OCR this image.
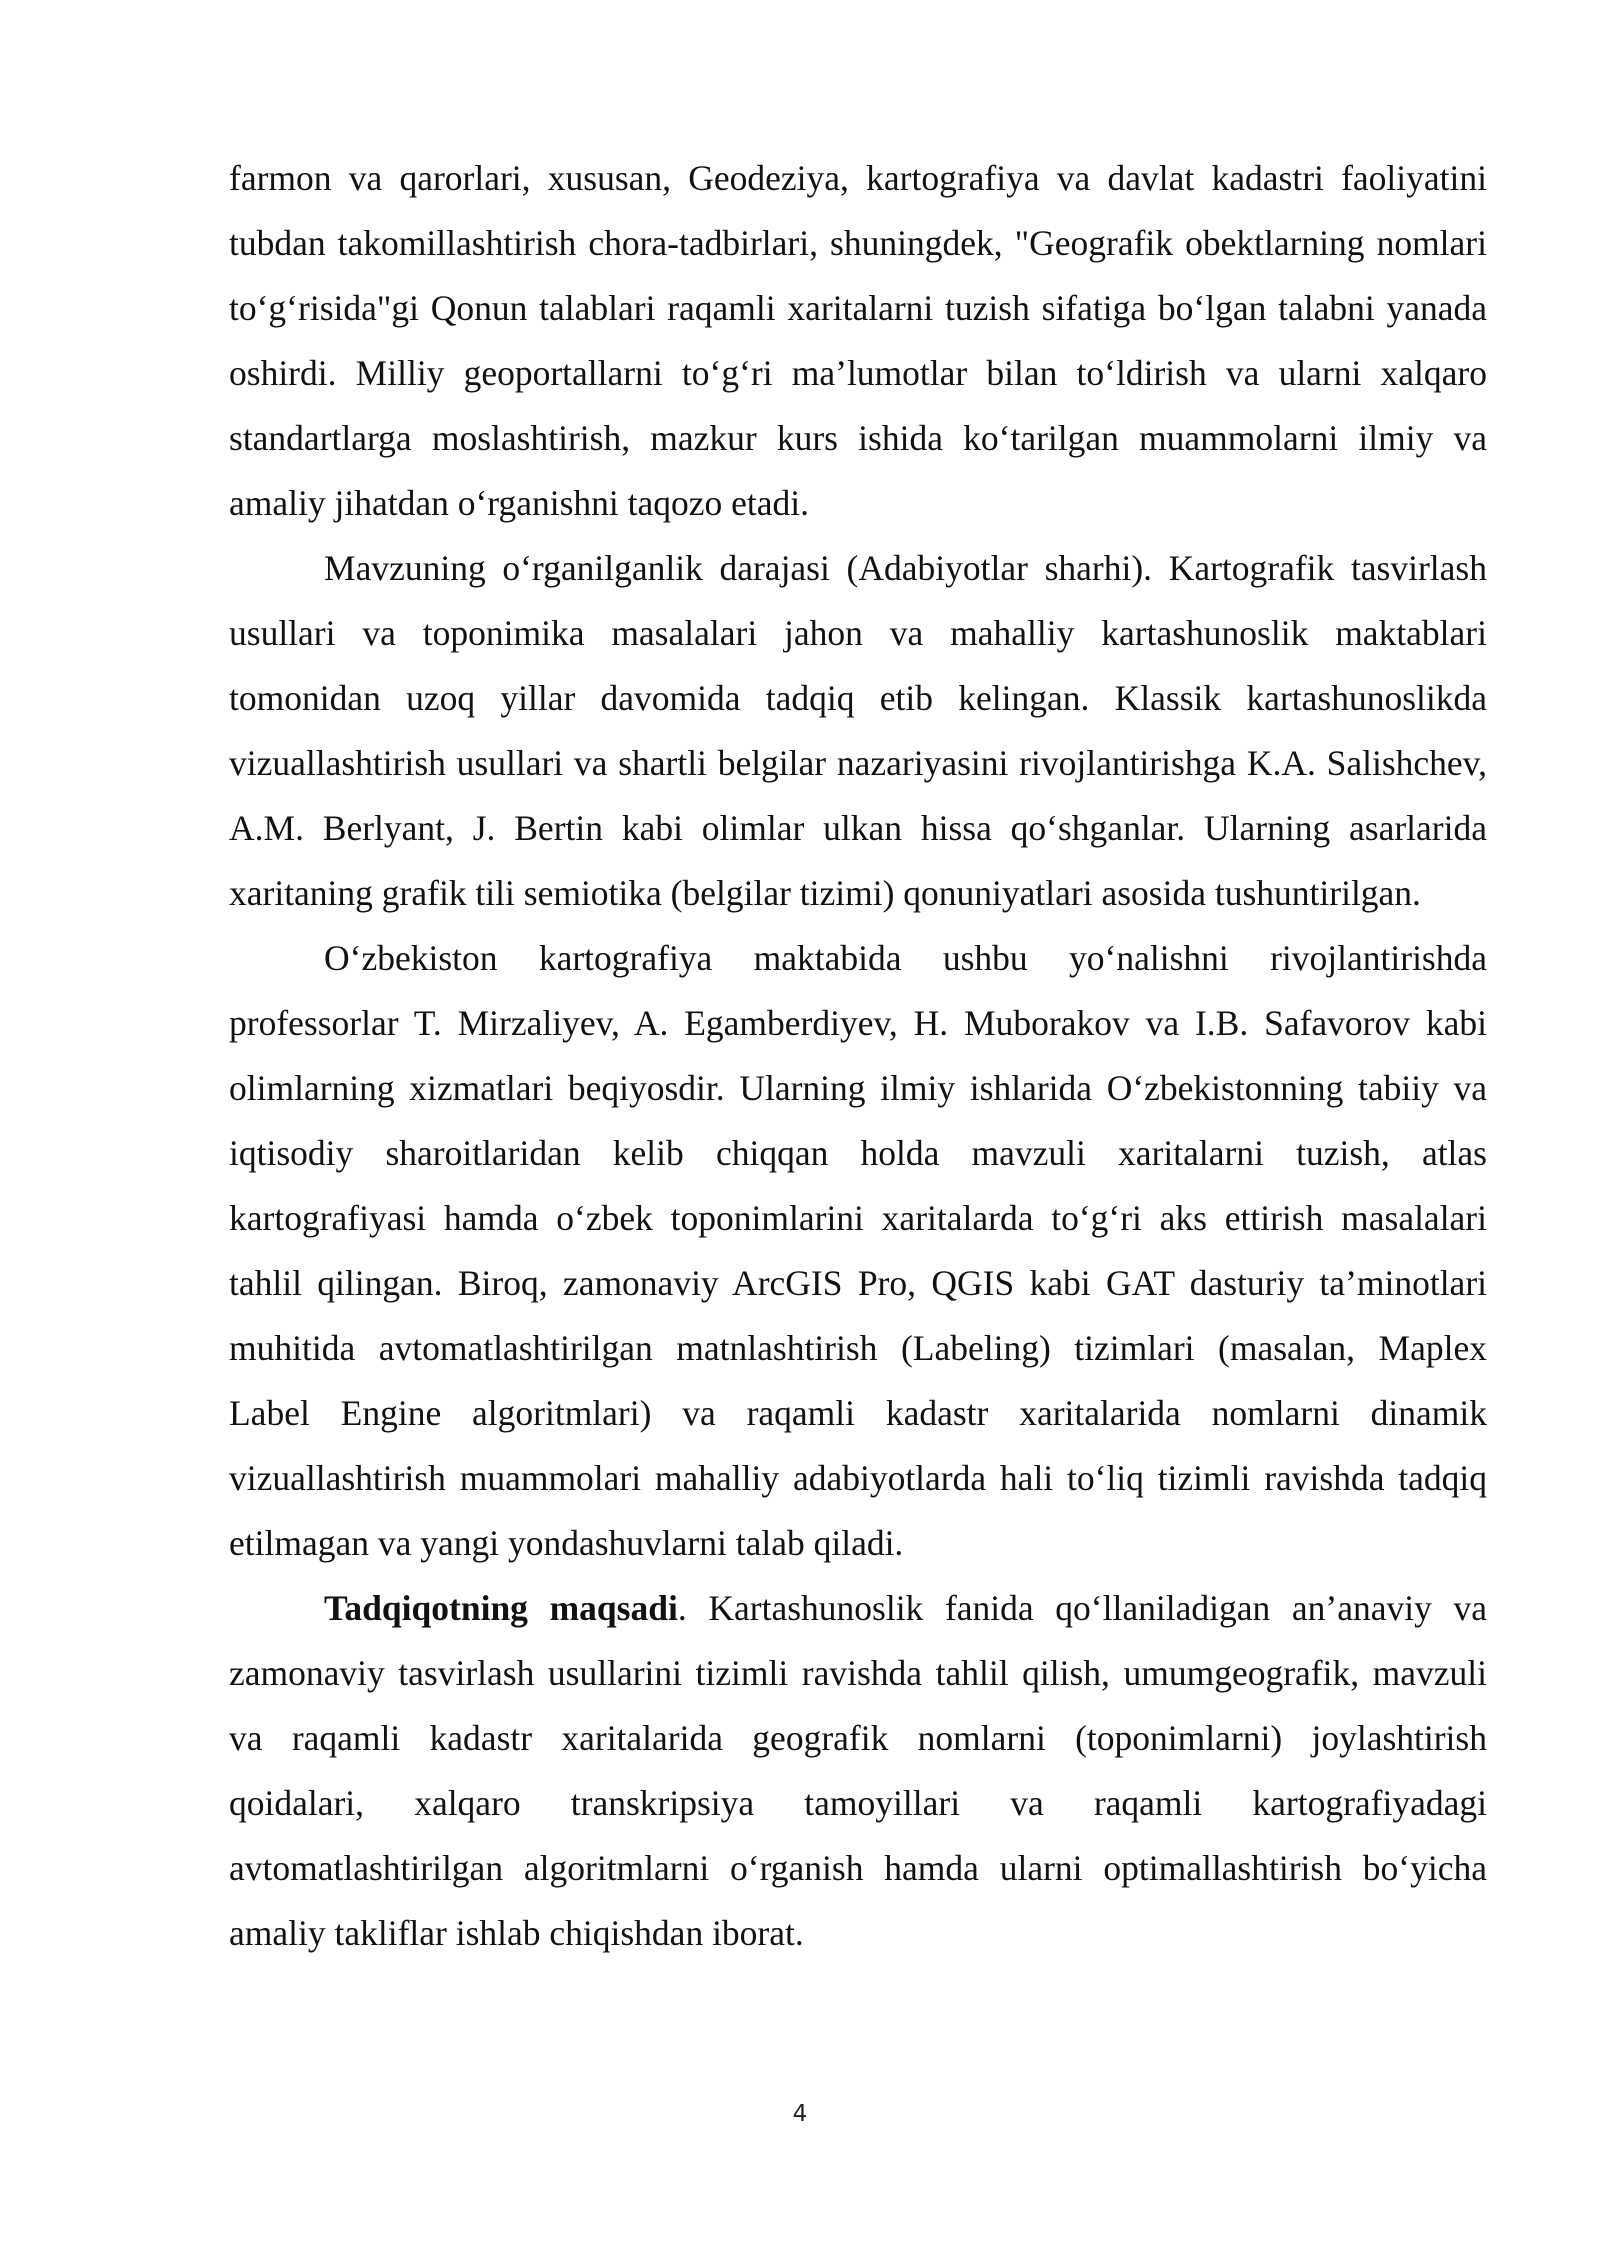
farmon va qarorlari, xususan, Geodeziya, kartografiya va davlat kadastri faoliyatini tubdan takomillashtirish chora-tadbirlari, shuningdek, "Geografik obektlarning nomlari to‘g‘risida"gi Qonun talablari raqamli xaritalarni tuzish sifatiga bo‘lgan talabni yanada oshirdi. Milliy geoportallarni to‘g‘ri ma’lumotlar bilan to‘ldirish va ularni xalqaro standartlarga moslashtirish, mazkur kurs ishida ko‘tarilgan muammolarni ilmiy va amaliy jihatdan o‘rganishni taqozo etadi.

Mavzuning o‘rganilganlik darajasi (Adabiyotlar sharhi). Kartografik tasvirlash usullari va toponimika masalalari jahon va mahalliy kartashunoslik maktablari tomonidan uzoq yillar davomida tadqiq etib kelingan. Klassik kartashunoslikda vizuallashtirish usullari va shartli belgilar nazariyasini rivojlantirishga K.A. Salishchev, A.M. Berlyant, J. Bertin kabi olimlar ulkan hissa qo‘shganlar. Ularning asarlarida xaritaning grafik tili semiotika (belgilar tizimi) qonuniyatlari asosida tushuntirilgan.

O‘zbekiston kartografiya maktabida ushbu yo‘nalishni rivojlantirishda professorlar T. Mirzaliyev, A. Egamberdiyev, H. Muborakov va I.B. Safavorov kabi olimlarning xizmatlari beqiyosdir. Ularning ilmiy ishlarida O‘zbekistonning tabiiy va iqtisodiy sharoitlaridan kelib chiqqan holda mavzuli xaritalarni tuzish, atlas kartografiyasi hamda o‘zbek toponimlarini xaritalarda to‘g‘ri aks ettirish masalalari tahlil qilingan. Biroq, zamonaviy ArcGIS Pro, QGIS kabi GAT dasturiy ta’minotlari muhitida avtomatlashtirilgan matnlashtirish (Labeling) tizimlari (masalan, Maplex Label Engine algoritmlari) va raqamli kadastr xaritalarida nomlarni dinamik vizuallashtirish muammolari mahalliy adabiyotlarda hali to‘liq tizimli ravishda tadqiq etilmagan va yangi yondashuvlarni talab qiladi.

Tadqiqotning maqsadi. Kartashunoslik fanida qo‘llaniladigan an’anaviy va zamonaviy tasvirlash usullarini tizimli ravishda tahlil qilish, umumgeografik, mavzuli va raqamli kadastr xaritalarida geografik nomlarni (toponimlarni) joylashtirish qoidalari, xalqaro transkripsiya tamoyillari va raqamli kartografiyadagi avtomatlashtirilgan algoritmlarni o‘rganish hamda ularni optimallashtirish bo‘yicha amaliy takliflar ishlab chiqishdan iborat.

4
